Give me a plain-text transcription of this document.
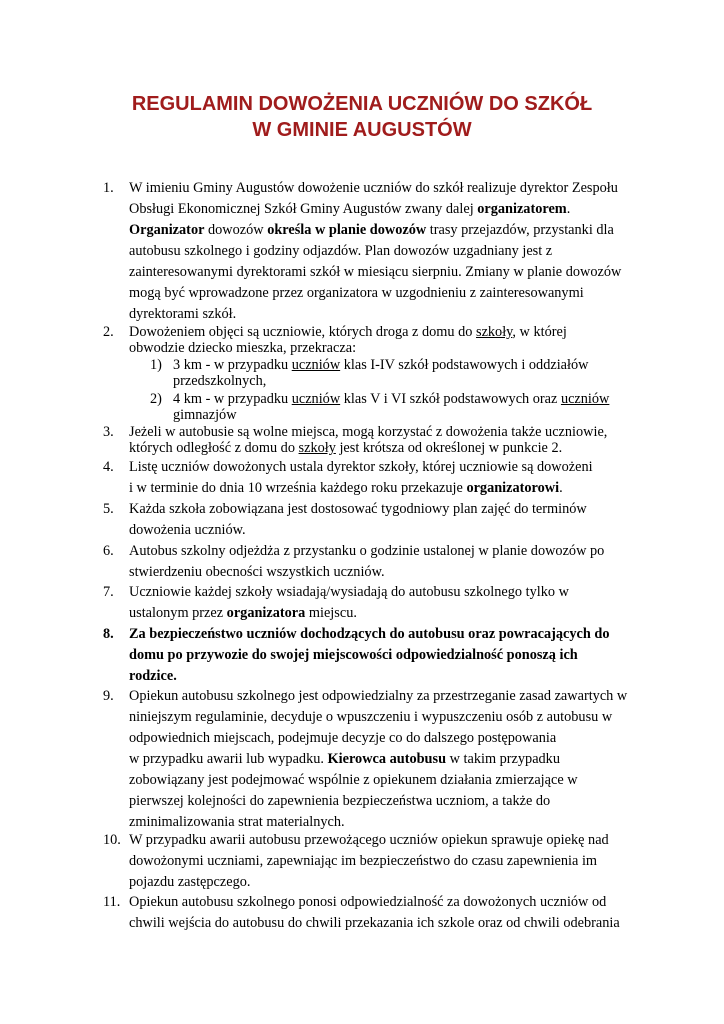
REGULAMIN DOWOŻENIA UCZNIÓW DO SZKÓŁ
W GMINIE AUGUSTÓW
1.	W imieniu Gminy Augustów dowożenie uczniów do szkół realizuje dyrektor Zespołu
Obsługi Ekonomicznej Szkół Gminy Augustów zwany dalej organizatorem.
Organizator dowozów określa w planie dowozów trasy przejazdów, przystanki dla
autobusu szkolnego i godziny odjazdów. Plan dowozów uzgadniany jest z
zainteresowanymi dyrektorami szkół w miesiącu sierpniu. Zmiany w planie dowozów
mogą być wprowadzone przez organizatora w uzgodnieniu z zainteresowanymi
dyrektorami szkół.
2.	Dowożeniem objęci są uczniowie, których droga z domu do szkoły, w której
obwodzie dziecko mieszka, przekracza:
1) 3 km - w przypadku uczniów klas I-IV szkół podstawowych i oddziałów
przedszkolnych,
2) 4 km - w przypadku uczniów klas V i VI szkół podstawowych oraz uczniów
gimnazjów
3.	Jeżeli w autobusie są wolne miejsca, mogą korzystać z dowożenia także uczniowie,
których odległość z domu do szkoły jest krótsza od określonej w punkcie 2.
4.	Listę uczniów dowożonych ustala dyrektor szkoły, której uczniowie są dowożeni
i w terminie do dnia 10 września każdego roku przekazuje organizatorowi.
5.	Każda szkoła zobowiązana jest dostosować tygodniowy plan zajęć do terminów
dowożenia uczniów.
6.	Autobus szkolny odjeżdża z przystanku o godzinie ustalonej w planie dowozów po
stwierdzeniu obecności wszystkich uczniów.
7.	Uczniowie każdej szkoły wsiadają/wysiadają do autobusu szkolnego tylko w
ustalonym przez organizatora miejscu.
8.	Za bezpieczeństwo uczniów dochodzących do autobusu oraz powracających do
domu po przywozie do swojej miejscowości odpowiedzialność ponoszą ich
rodzice.
9.	Opiekun autobusu szkolnego jest odpowiedzialny za przestrzeganie zasad zawartych w
niniejszym regulaminie, decyduje o wpuszczeniu i wypuszczeniu osób z autobusu w
odpowiednich miejscach, podejmuje decyzje co do dalszego postępowania
w przypadku awarii lub wypadku. Kierowca autobusu w takim przypadku
zobowiązany jest podejmować wspólnie z opiekunem działania zmierzające w
pierwszej kolejności do zapewnienia bezpieczeństwa uczniom, a także do
zminimalizowania strat materialnych.
10. W przypadku awarii autobusu przewożącego uczniów opiekun sprawuje opiekę nad
dowożonymi uczniami, zapewniając im bezpieczeństwo do czasu zapewnienia im
pojazdu zastępczego.
11. Opiekun autobusu szkolnego ponosi odpowiedzialność za dowożonych uczniów od
chwili wejścia do autobusu do chwili przekazania ich szkole oraz od chwili odebrania
